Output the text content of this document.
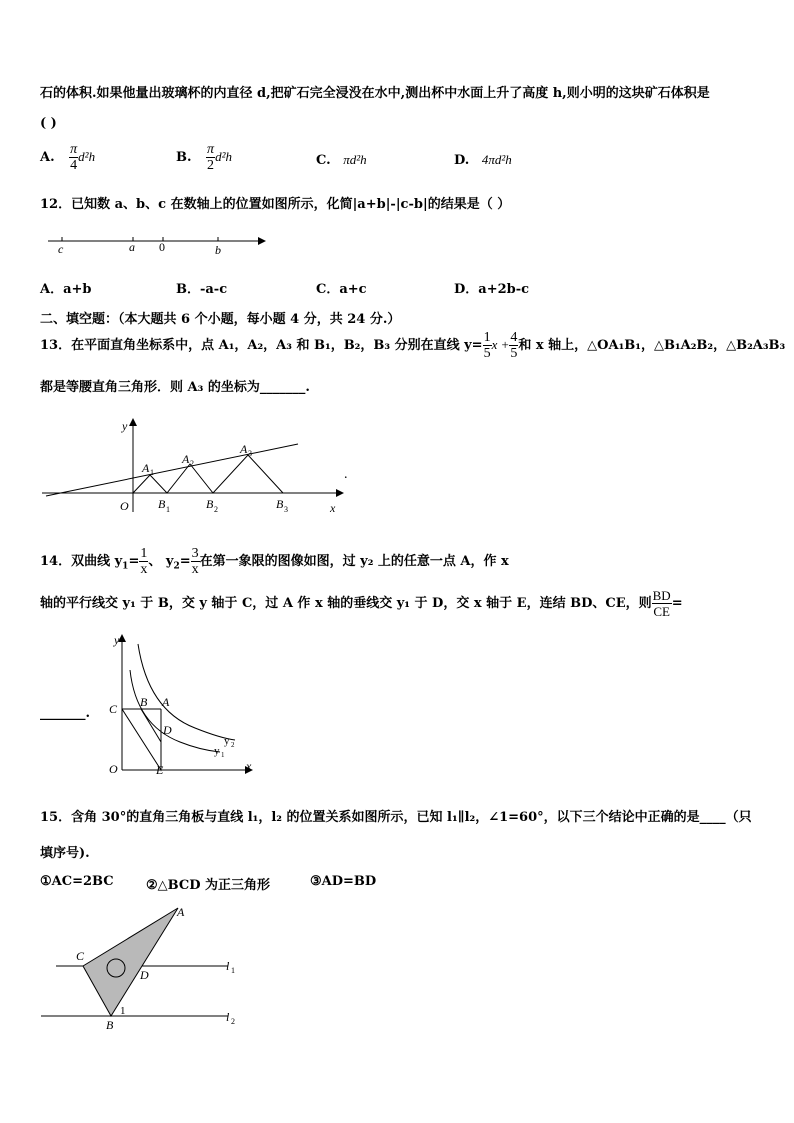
石的体积.如果他量出玻璃杯的内直径 d,把矿石完全浸没在水中,测出杯中水面上升了高度 h,则小明的这块矿石体积是
( )
A. $\frac{\pi}{4} d^2h$	B. $\frac{\pi}{2} d^2h$	C. πd²h	D. 4πd²h
12．已知数 a、b、c 在数轴上的位置如图所示，化简|a+b|-|c-b|的结果是（ ）
c	a 0	b
A．a+b	B．-a-c	C．a+c	D．a+2b-c
二、填空题：（本大题共 6 个小题，每小题 4 分，共 24 分.）
13．在平面直角坐标系中，点 A₁，A₂，A₃ 和 B₁，B₂，B₃ 分别在直线 $y= \frac{1}{5}$ $x + \frac{4}{5}$ 和 x 轴上，△OA₁B₁，△B₁A₂B₂，△B₂A₃B₃
都是等腰直角三角形．则 A₃ 的坐标为_______.
y
x
O
A 1
A 2
A 3
B 1	B 2	B 3
.
14．双曲线 $y_1= \frac{1}{x}$ 、 $y_2= \frac{3}{x}$ 在第一象限的图像如图，过 y₂ 上的任意一点 A，作 x
轴的平行线交 y₁ 于 B，交 y 轴于 C，过 A 作 x 轴的垂线交 y₁ 于 D，交 x 轴于 E，连结 BD、CE，则 $\frac{BD}{CE}$ =
_______.
y
x
O
C B A
D
E
y 2
y 1
15．含角 30°的直角三角板与直线 l₁，l₂ 的位置关系如图所示，已知 l₁∥l₂，∠1=60°，以下三个结论中正确的是____（只
填序号).
①AC=2BC ②△BCD 为正三角形	③AD=BD
A
C
D
B
1
l 1
l 2
